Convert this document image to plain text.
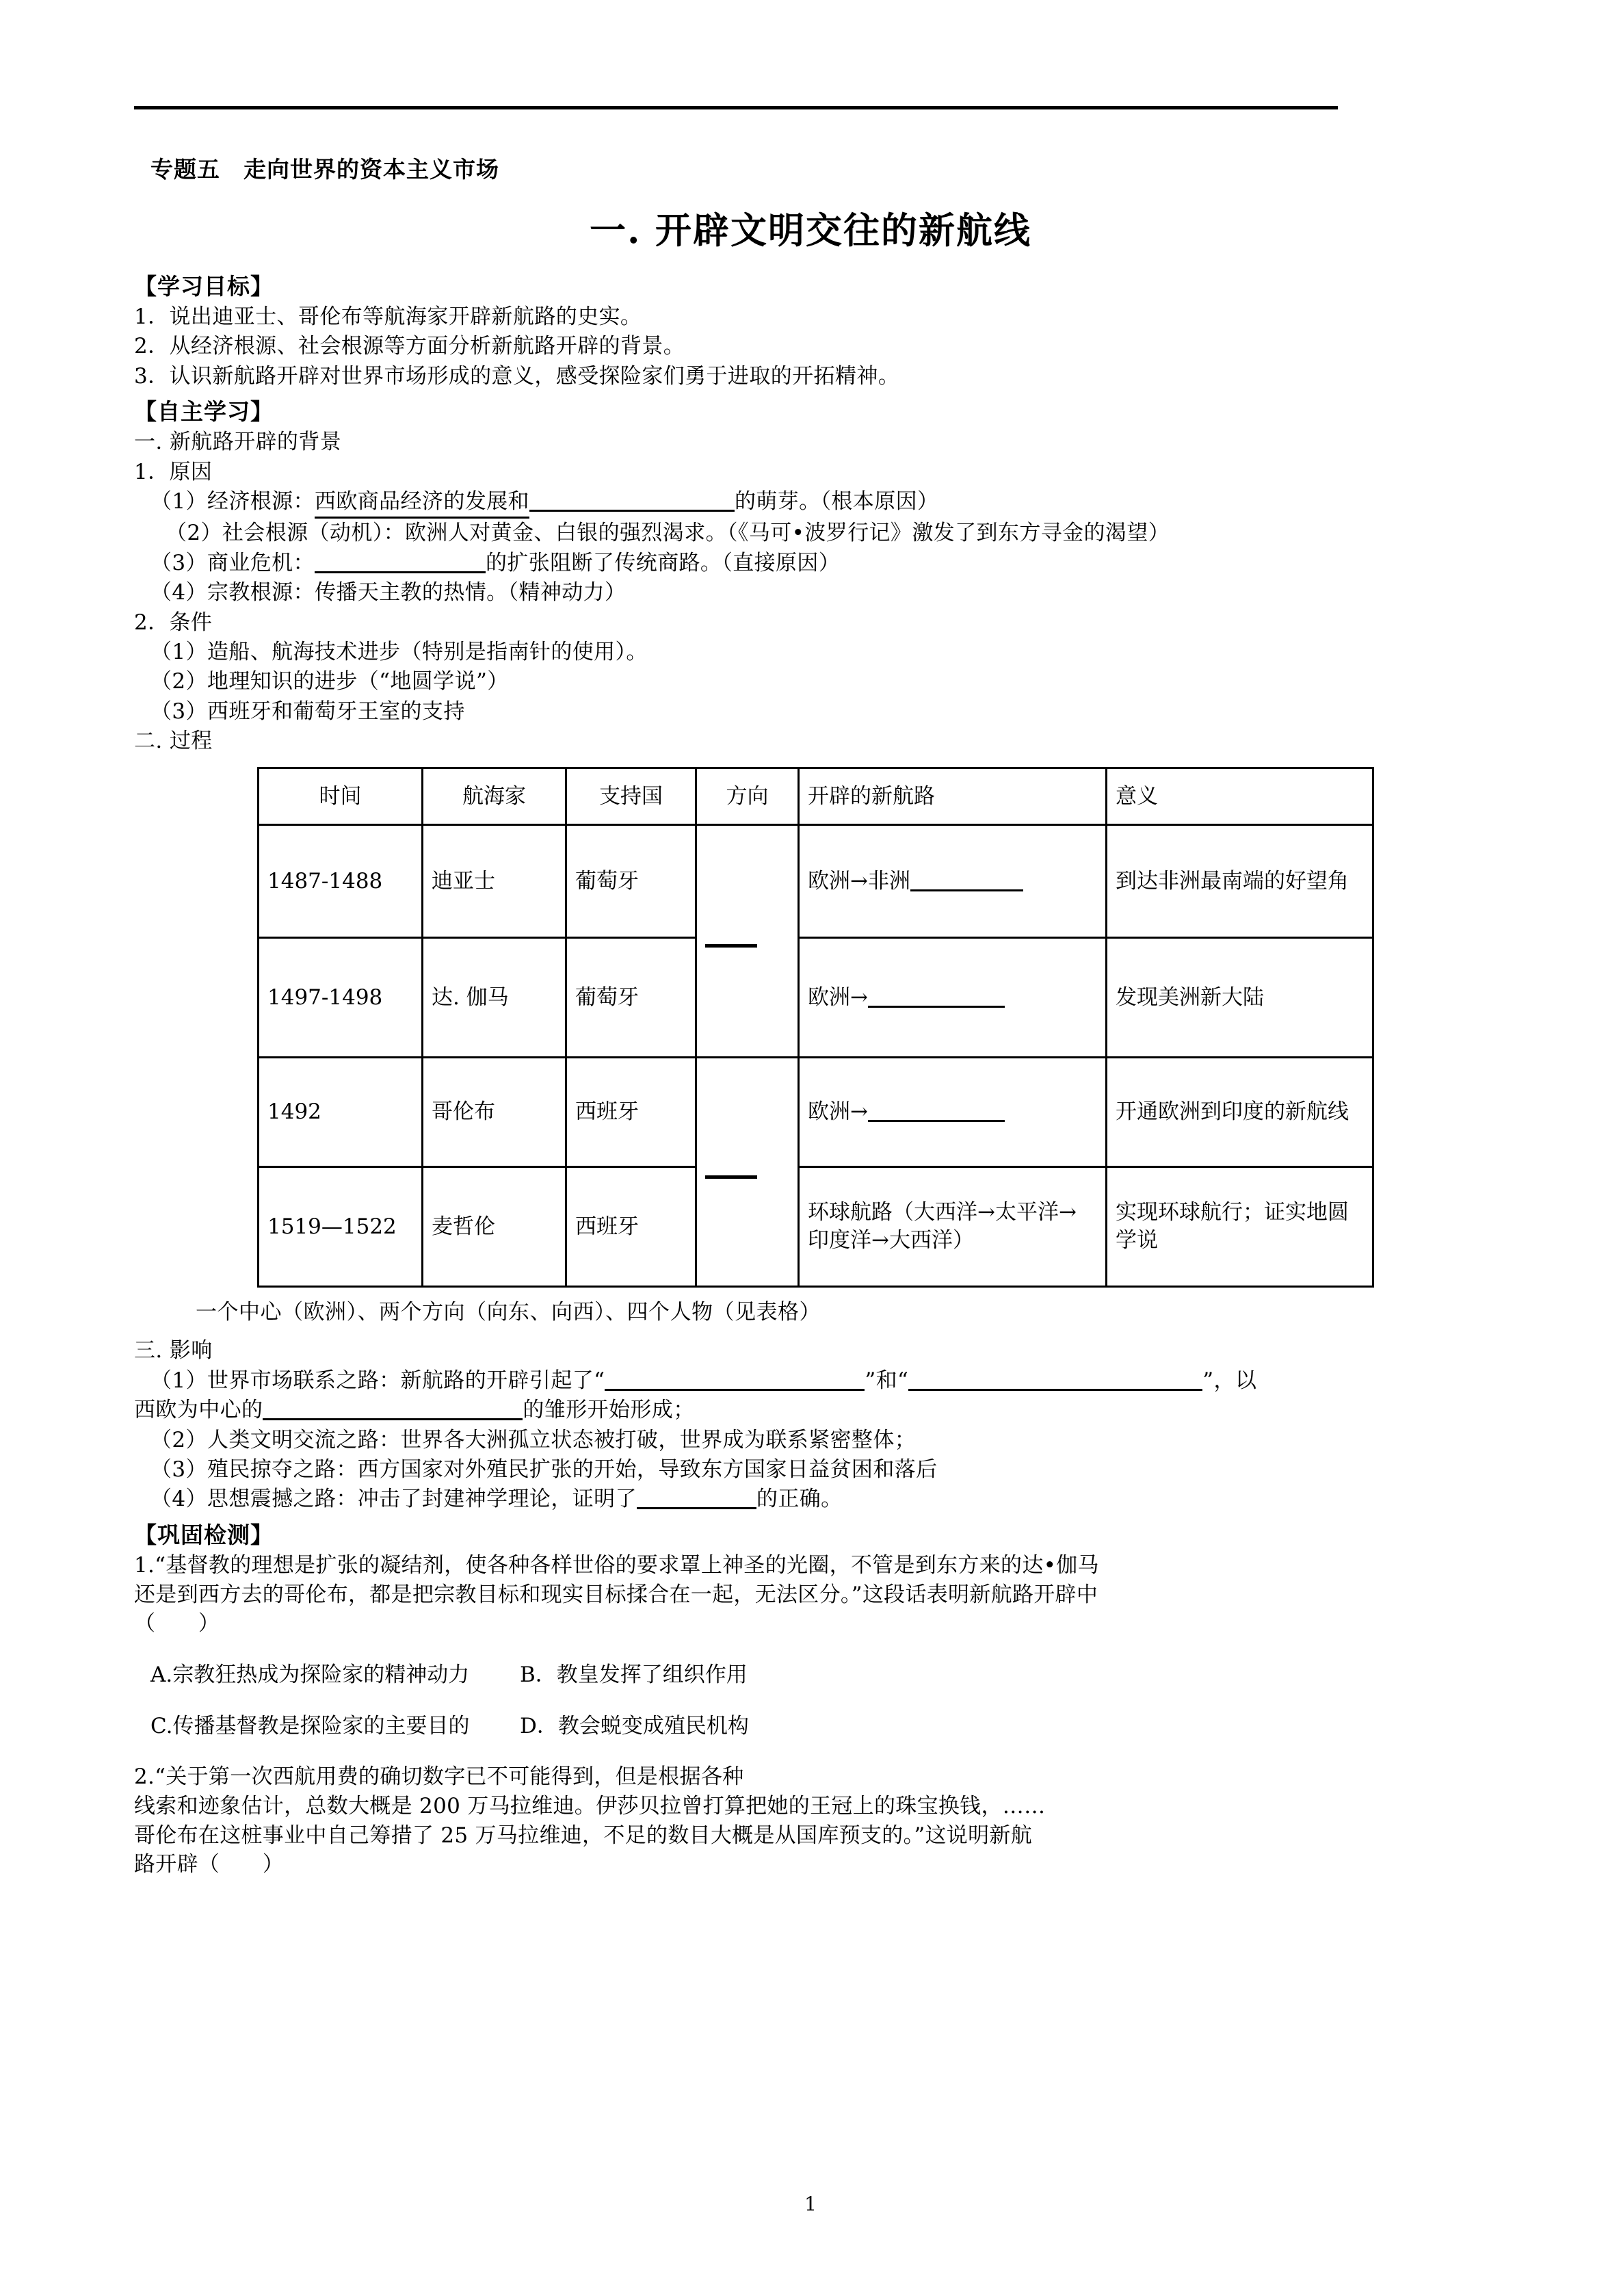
专题五　走向世界的资本主义市场
一. 开辟文明交往的新航线
【学习目标】

1．说出迪亚士、哥伦布等航海家开辟新航路的史实。

2．从经济根源、社会根源等方面分析新航路开辟的背景。

3．认识新航路开辟对世界市场形成的意义，感受探险家们勇于进取的开拓精神。

【自主学习】

一. 新航路开辟的背景

1．原因

（1）经济根源：西欧商品经济的发展和	的萌芽。（根本原因）

（2）社会根源（动机）：欧洲人对黄金、白银的强烈渴求。（《马可•波罗行记》激发了到东方寻金的渴望）

（3）商业危机：	的扩张阻断了传统商路。（直接原因）

（4）宗教根源：传播天主教的热情。（精神动力）

2．条件

（1）造船、航海技术进步（特别是指南针的使用）。

（2）地理知识的进步（“地圆学说”）

（3）西班牙和葡萄牙王室的支持

二. 过程

时间	航海家	支持国	方向	开辟的新航路	意义
1487-1488	迪亚士	葡萄牙		欧洲→非洲	到达非洲最南端的好望角
1497-1498	达. 伽马	葡萄牙		欧洲→	发现美洲新大陆
1492	哥伦布	西班牙		欧洲→	开通欧洲到印度的新航线
1519—1522	麦哲伦	西班牙		环球航路（大西洋→太平洋→印度洋→大西洋）	实现环球航行；证实地圆学说
一个中心（欧洲）、两个方向（向东、向西）、四个人物（见表格）

三. 影响

（1）世界市场联系之路：新航路的开辟引起了“	”和“	”，以

西欧为中心的	的雏形开始形成；

（2）人类文明交流之路：世界各大洲孤立状态被打破，世界成为联系紧密整体；

（3）殖民掠夺之路：西方国家对外殖民扩张的开始，导致东方国家日益贫困和落后

（4）思想震撼之路：冲击了封建神学理论，证明了	的正确。

【巩固检测】

1.“基督教的理想是扩张的凝结剂，使各种各样世俗的要求罩上神圣的光圈，不管是到东方来的达•伽马

还是到西方去的哥伦布，都是把宗教目标和现实目标揉合在一起，无法区分。”这段话表明新航路开辟中

（　　）

A.宗教狂热成为探险家的精神动力 B．教皇发挥了组织作用

C.传播基督教是探险家的主要目的 D．教会蜕变成殖民机构

2.“关于第一次西航用费的确切数字已不可能得到，但是根据各种

线索和迹象估计，总数大概是 200 万马拉维迪。伊莎贝拉曾打算把她的王冠上的珠宝换钱，……

哥伦布在这桩事业中自己筹措了 25 万马拉维迪，不足的数目大概是从国库预支的。”这说明新航

路开辟（　　）

1
